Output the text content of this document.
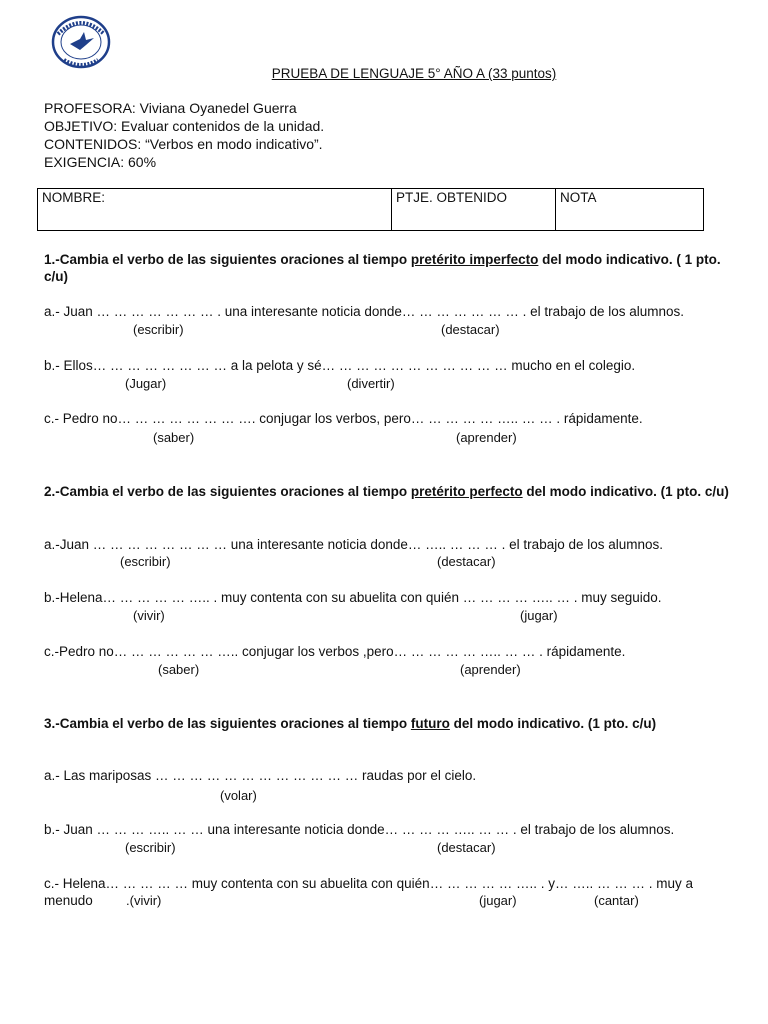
PRUEBA DE LENGUAJE 5° AÑO A (33 puntos)
PROFESORA: Viviana Oyanedel Guerra
OBJETIVO: Evaluar contenidos de la unidad.
CONTENIDOS: “Verbos en modo indicativo”.
EXIGENCIA: 60%
NOMBRE:	PTJE. OBTENIDO	NOTA
1.-Cambia el verbo de las siguientes oraciones al tiempo pretérito imperfecto del modo indicativo. ( 1 pto. c/u)
a.- Juan … … … … … … … . una interesante noticia donde… … … … … … … . el trabajo de los alumnos.
(escribir)	(destacar)
b.- Ellos… … … … … … … … a la pelota y sé… … … … … … … … … … … mucho en el colegio.
(Jugar)	(divertir)
c.- Pedro no… … … … … … … …. conjugar los verbos, pero… … … … … ….. … … . rápidamente.
(saber)	(aprender)
2.-Cambia el verbo de las siguientes oraciones al tiempo pretérito perfecto del modo indicativo. (1 pto. c/u)
a.-Juan … … … … … … … … una interesante noticia donde… ….. … … … . el trabajo de los alumnos.
(escribir)	(destacar)
b.-Helena… … … … … ….. . muy contenta con su abuelita con quién … … … … ….. … . muy seguido.
(vivir)	(jugar)
c.-Pedro no… … … … … … ….. conjugar los verbos ,pero… … … … … ….. … … . rápidamente.
(saber)	(aprender)
3.-Cambia el verbo de las siguientes oraciones al tiempo futuro del modo indicativo. (1 pto. c/u)
a.- Las mariposas … … … … … … … … … … … … raudas por el cielo.
(volar)
b.- Juan … … … ….. … … una interesante noticia donde… … … … ….. … … . el trabajo de los alumnos.
(escribir)	(destacar)
c.- Helena… … … … … muy contenta con su abuelita con quién… … … … … ….. . y… ….. … … … . muy a
menudo	.(vivir)	(jugar)	(cantar)
